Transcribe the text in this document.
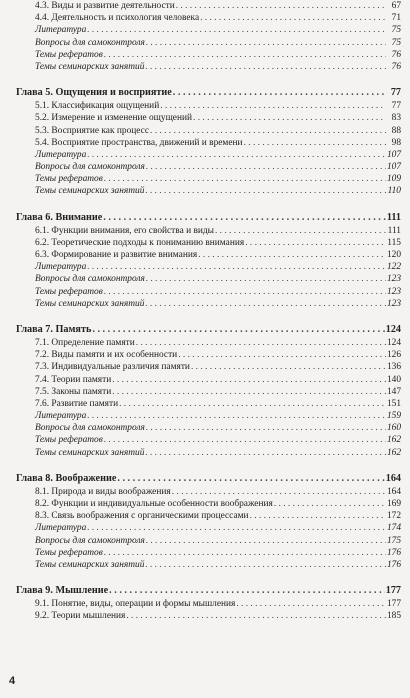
4.3. Виды и развитие деятельности . . .	67
4.4. Деятельность и психология человека . . .	71
Литература . . .	75
Вопросы для самоконтроля . . .	75
Темы рефератов . . .	76
Темы семинарских занятий . . .	76
Глава 5. Ощущения и восприятие . . .	77
5.1. Классификация ощущений . . .	77
5.2. Измерение и изменение ощущений . . .	83
5.3. Восприятие как процесс . . .	88
5.4. Восприятие пространства, движений и времени . . .	98
Литература . . .	107
Вопросы для самоконтроля . . .	107
Темы рефератов . . .	109
Темы семинарских занятий . . .	110
Глава 6. Внимание . . .	111
6.1. Функции внимания, его свойства и виды . . .	111
6.2. Теоретические подходы к пониманию внимания . . .	115
6.3. Формирование и развитие внимания . . .	120
Литература . . .	122
Вопросы для самоконтроля . . .	123
Темы рефератов . . .	123
Темы семинарских занятий . . .	123
Глава 7. Память . . .	124
7.1. Определение памяти . . .	124
7.2. Виды памяти и их особенности . . .	126
7.3. Индивидуальные различия памяти . . .	136
7.4. Теории памяти . . .	140
7.5. Законы памяти . . .	147
7.6. Развитие памяти . . .	151
Литература . . .	159
Вопросы для самоконтроля . . .	160
Темы рефератов . . .	162
Темы семинарских занятий . . .	162
Глава 8. Воображение . . .	164
8.1. Природа и виды воображения . . .	164
8.2. Функции и индивидуальные особенности воображения . . .	169
8.3. Связь воображения с органическими процессами . . .	172
Литература . . .	174
Вопросы для самоконтроля . . .	175
Темы рефератов . . .	176
Темы семинарских занятий . . .	176
Глава 9. Мышление . . .	177
9.1. Понятие, виды, операции и формы мышления . . .	177
9.2. Теории мышления . . .	185
4
